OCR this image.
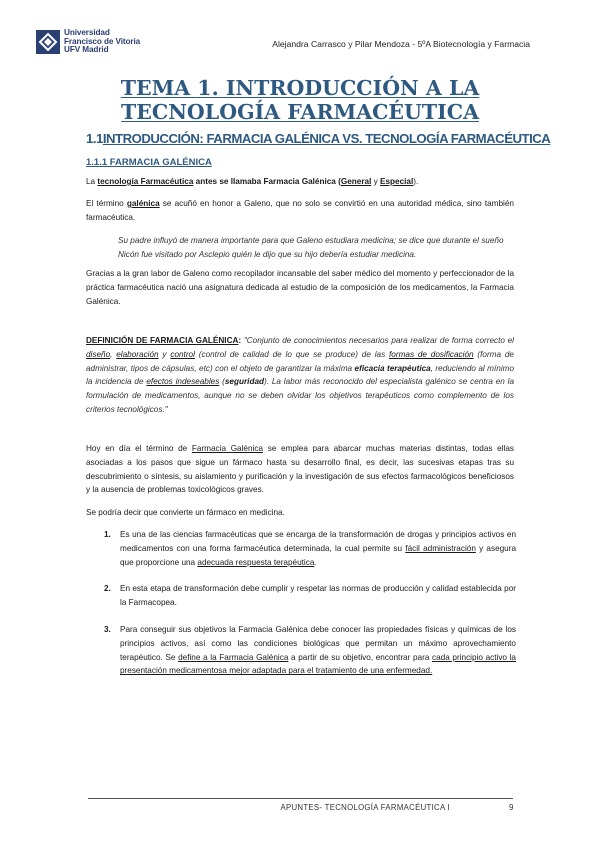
Universidad
Francisco de Vitoria
UFV Madrid
Alejandra Carrasco y Pilar Mendoza - 5ºA Biotecnología y Farmacia
TEMA 1. INTRODUCCIÓN A LA TECNOLOGÍA FARMACÉUTICA
1.1INTRODUCCIÓN: FARMACIA GALÉNICA VS. TECNOLOGÍA FARMACÉUTICA
1.1.1 FARMACIA GALÉNICA
La tecnología Farmacéutica antes se llamaba Farmacia Galénica (General y Especial).
El término galénica se acuñó en honor a Galeno, que no solo se convirtió en una autoridad médica, sino también farmacéutica.
Su padre influyó de manera importante para que Galeno estudiara medicina; se dice que durante el sueño Nicón fue visitado por Asclepio quién le dijo que su hijo debería estudiar medicina.
Gracias a la gran labor de Galeno como recopilador incansable del saber médico del momento y perfeccionador de la práctica farmacéutica nació una asignatura dedicada al estudio de la composición de los medicamentos, la Farmacia Galénica.
DEFINICIÓN DE FARMACIA GALÉNICA: "Conjunto de conocimientos necesarios para realizar de forma correcto el diseño, elaboración y control (control de calidad de lo que se produce) de las formas de dosificación (forma de administrar, tipos de cápsulas, etc) con el objeto de garantizar la máxima eficacia terapéutica, reduciendo al mínimo la incidencia de efectos indeseables (seguridad). La labor más reconocido del especialista galénico se centra en la formulación de medicamentos, aunque no se deben olvidar los objetivos terapéuticos como complemento de los criterios tecnológicos."
Hoy en día el término de Farmacia Galénica se emplea para abarcar muchas materias distintas, todas ellas asociadas a los pasos que sigue un fármaco hasta su desarrollo final, es decir, las sucesivas etapas tras su descubrimiento o síntesis, su aislamiento y purificación y la investigación de sus efectos farmacológicos beneficiosos y la ausencia de problemas toxicológicos graves.
Se podría decir que convierte un fármaco en medicina.
1. Es una de las ciencias farmacéuticas que se encarga de la transformación de drogas y principios activos en medicamentos con una forma farmacéutica determinada, la cual permite su fácil administración y asegura que proporcione una adecuada respuesta terapéutica.
2. En esta etapa de transformación debe cumplir y respetar las normas de producción y calidad establecida por la Farmacopea.
3. Para conseguir sus objetivos la Farmacia Galénica debe conocer las propiedades físicas y químicas de los principios activos, así como las condiciones biológicas que permitan un máximo aprovechamiento terapéutico. Se define a la Farmacia Galénica a partir de su objetivo, encontrar para cada principio activo la presentación medicamentosa mejor adaptada para el tratamiento de una enfermedad.
APUNTES- TECNOLOGÍA FARMACÉUTICA I	9
